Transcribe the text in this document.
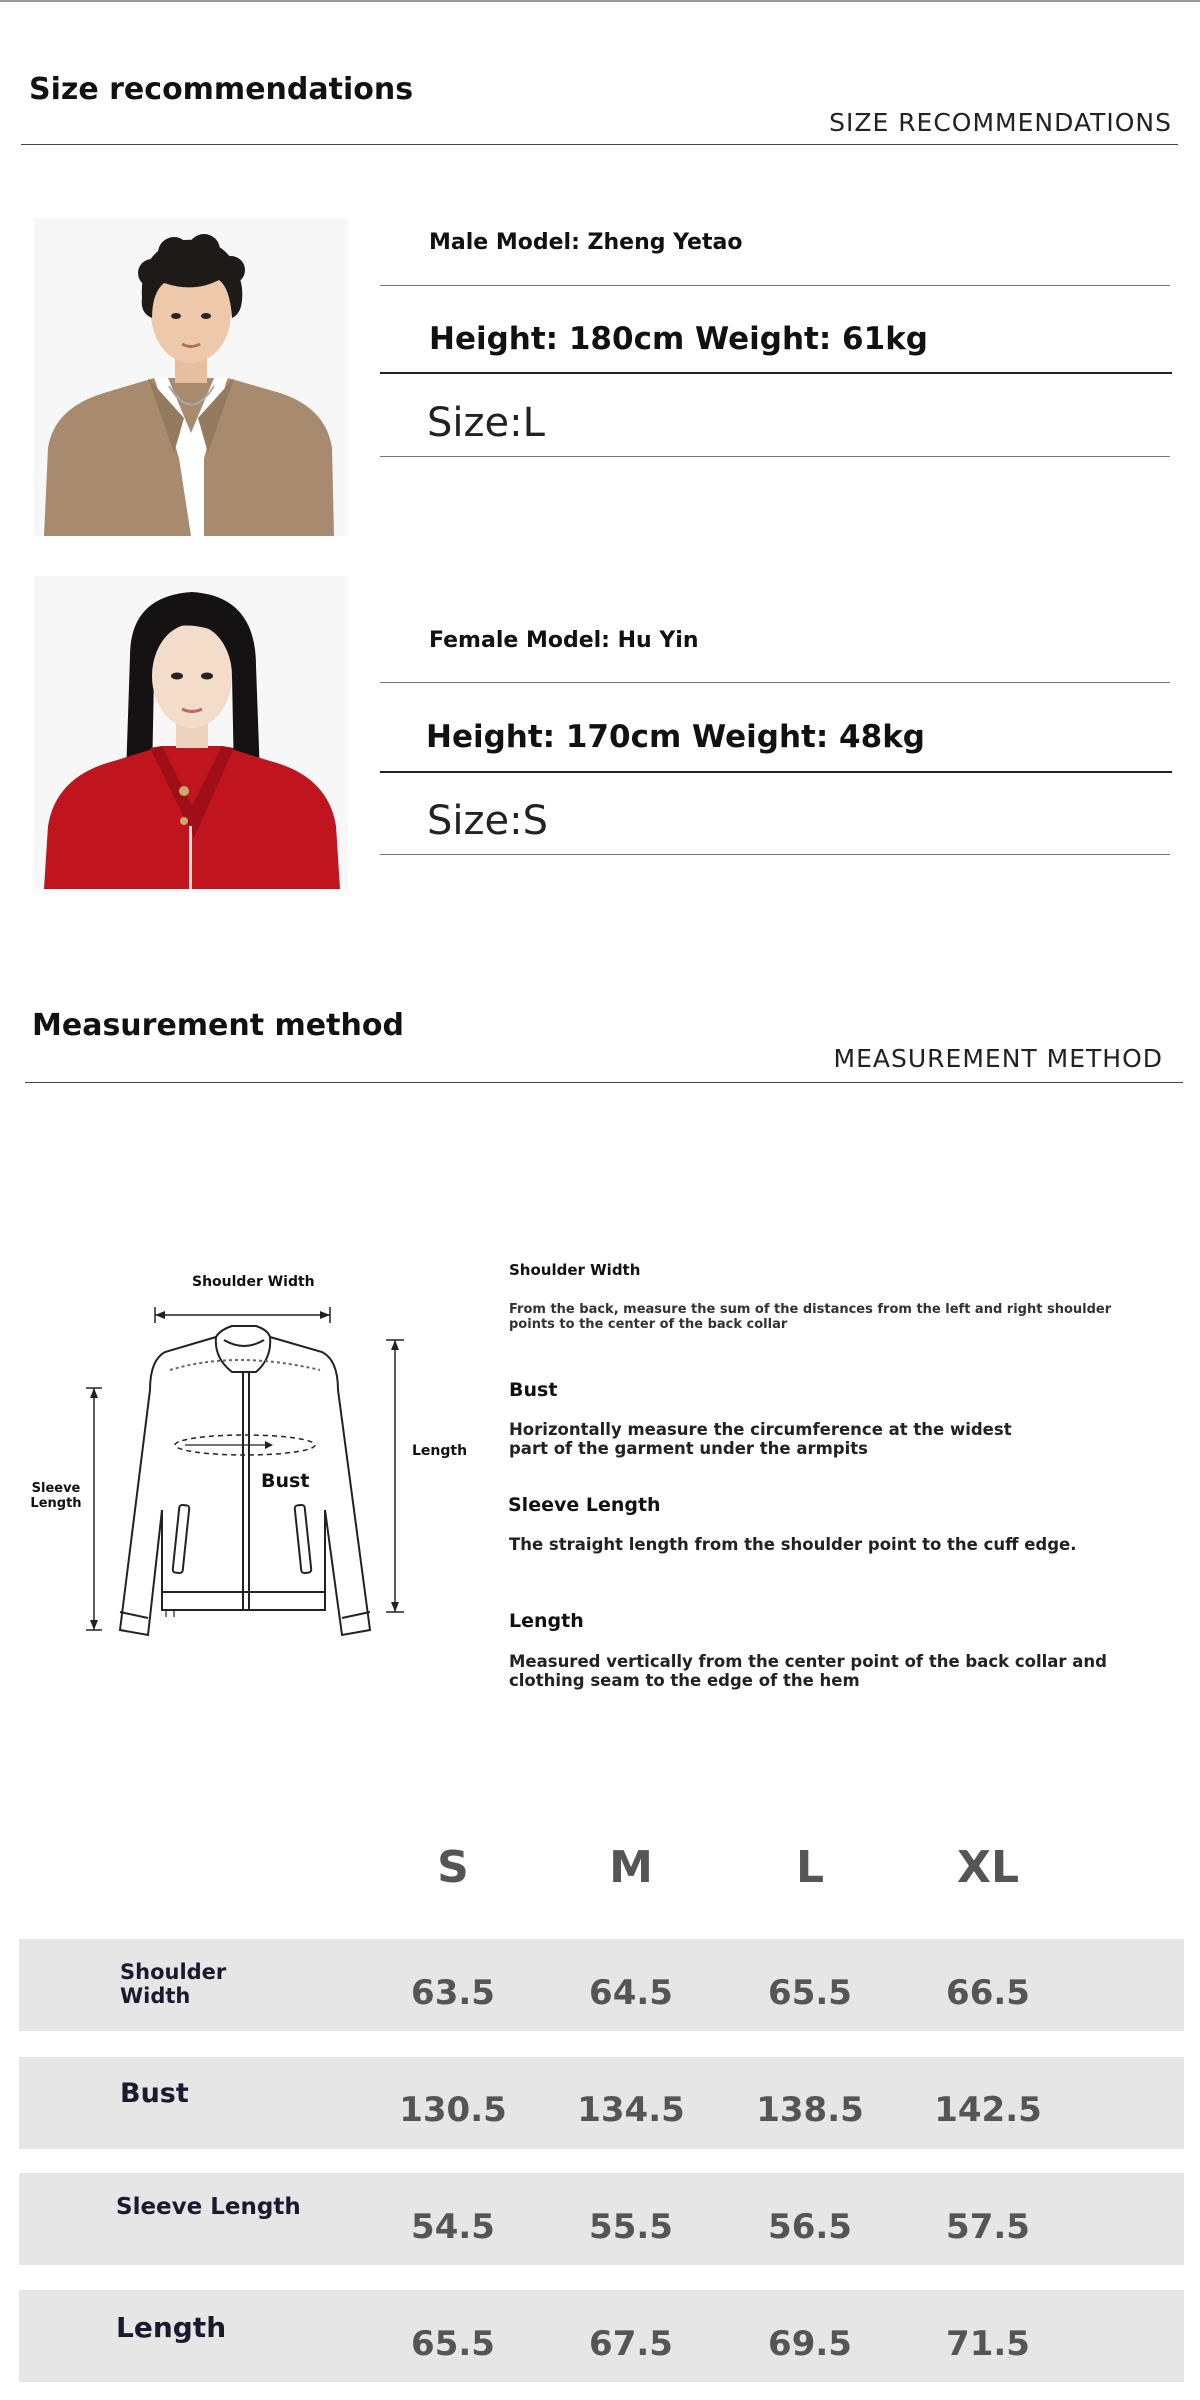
Size recommendations
SIZE RECOMMENDATIONS
Male Model: Zheng Yetao
Height: 180cm Weight: 61kg
Size:L
Female Model: Hu Yin
Height: 170cm Weight: 48kg
Size:S
Measurement method
MEASUREMENT METHOD
Shoulder Width
Length
Sleeve
Length
Bust
Shoulder Width
From the back, measure the sum of the distances from the left and right shoulder points to the center of the back collar
Bust
Horizontally measure the circumference at the widest part of the garment under the armpits
Sleeve Length
The straight length from the shoulder point to the cuff edge.
Length
Measured vertically from the center point of the back collar and clothing seam to the edge of the hem
S	M	L	XL
Shoulder
Width	63.5	64.5	65.5	66.5
Bust	130.5	134.5	138.5	142.5
Sleeve Length	54.5	55.5	56.5	57.5
Length	65.5	67.5	69.5	71.5
